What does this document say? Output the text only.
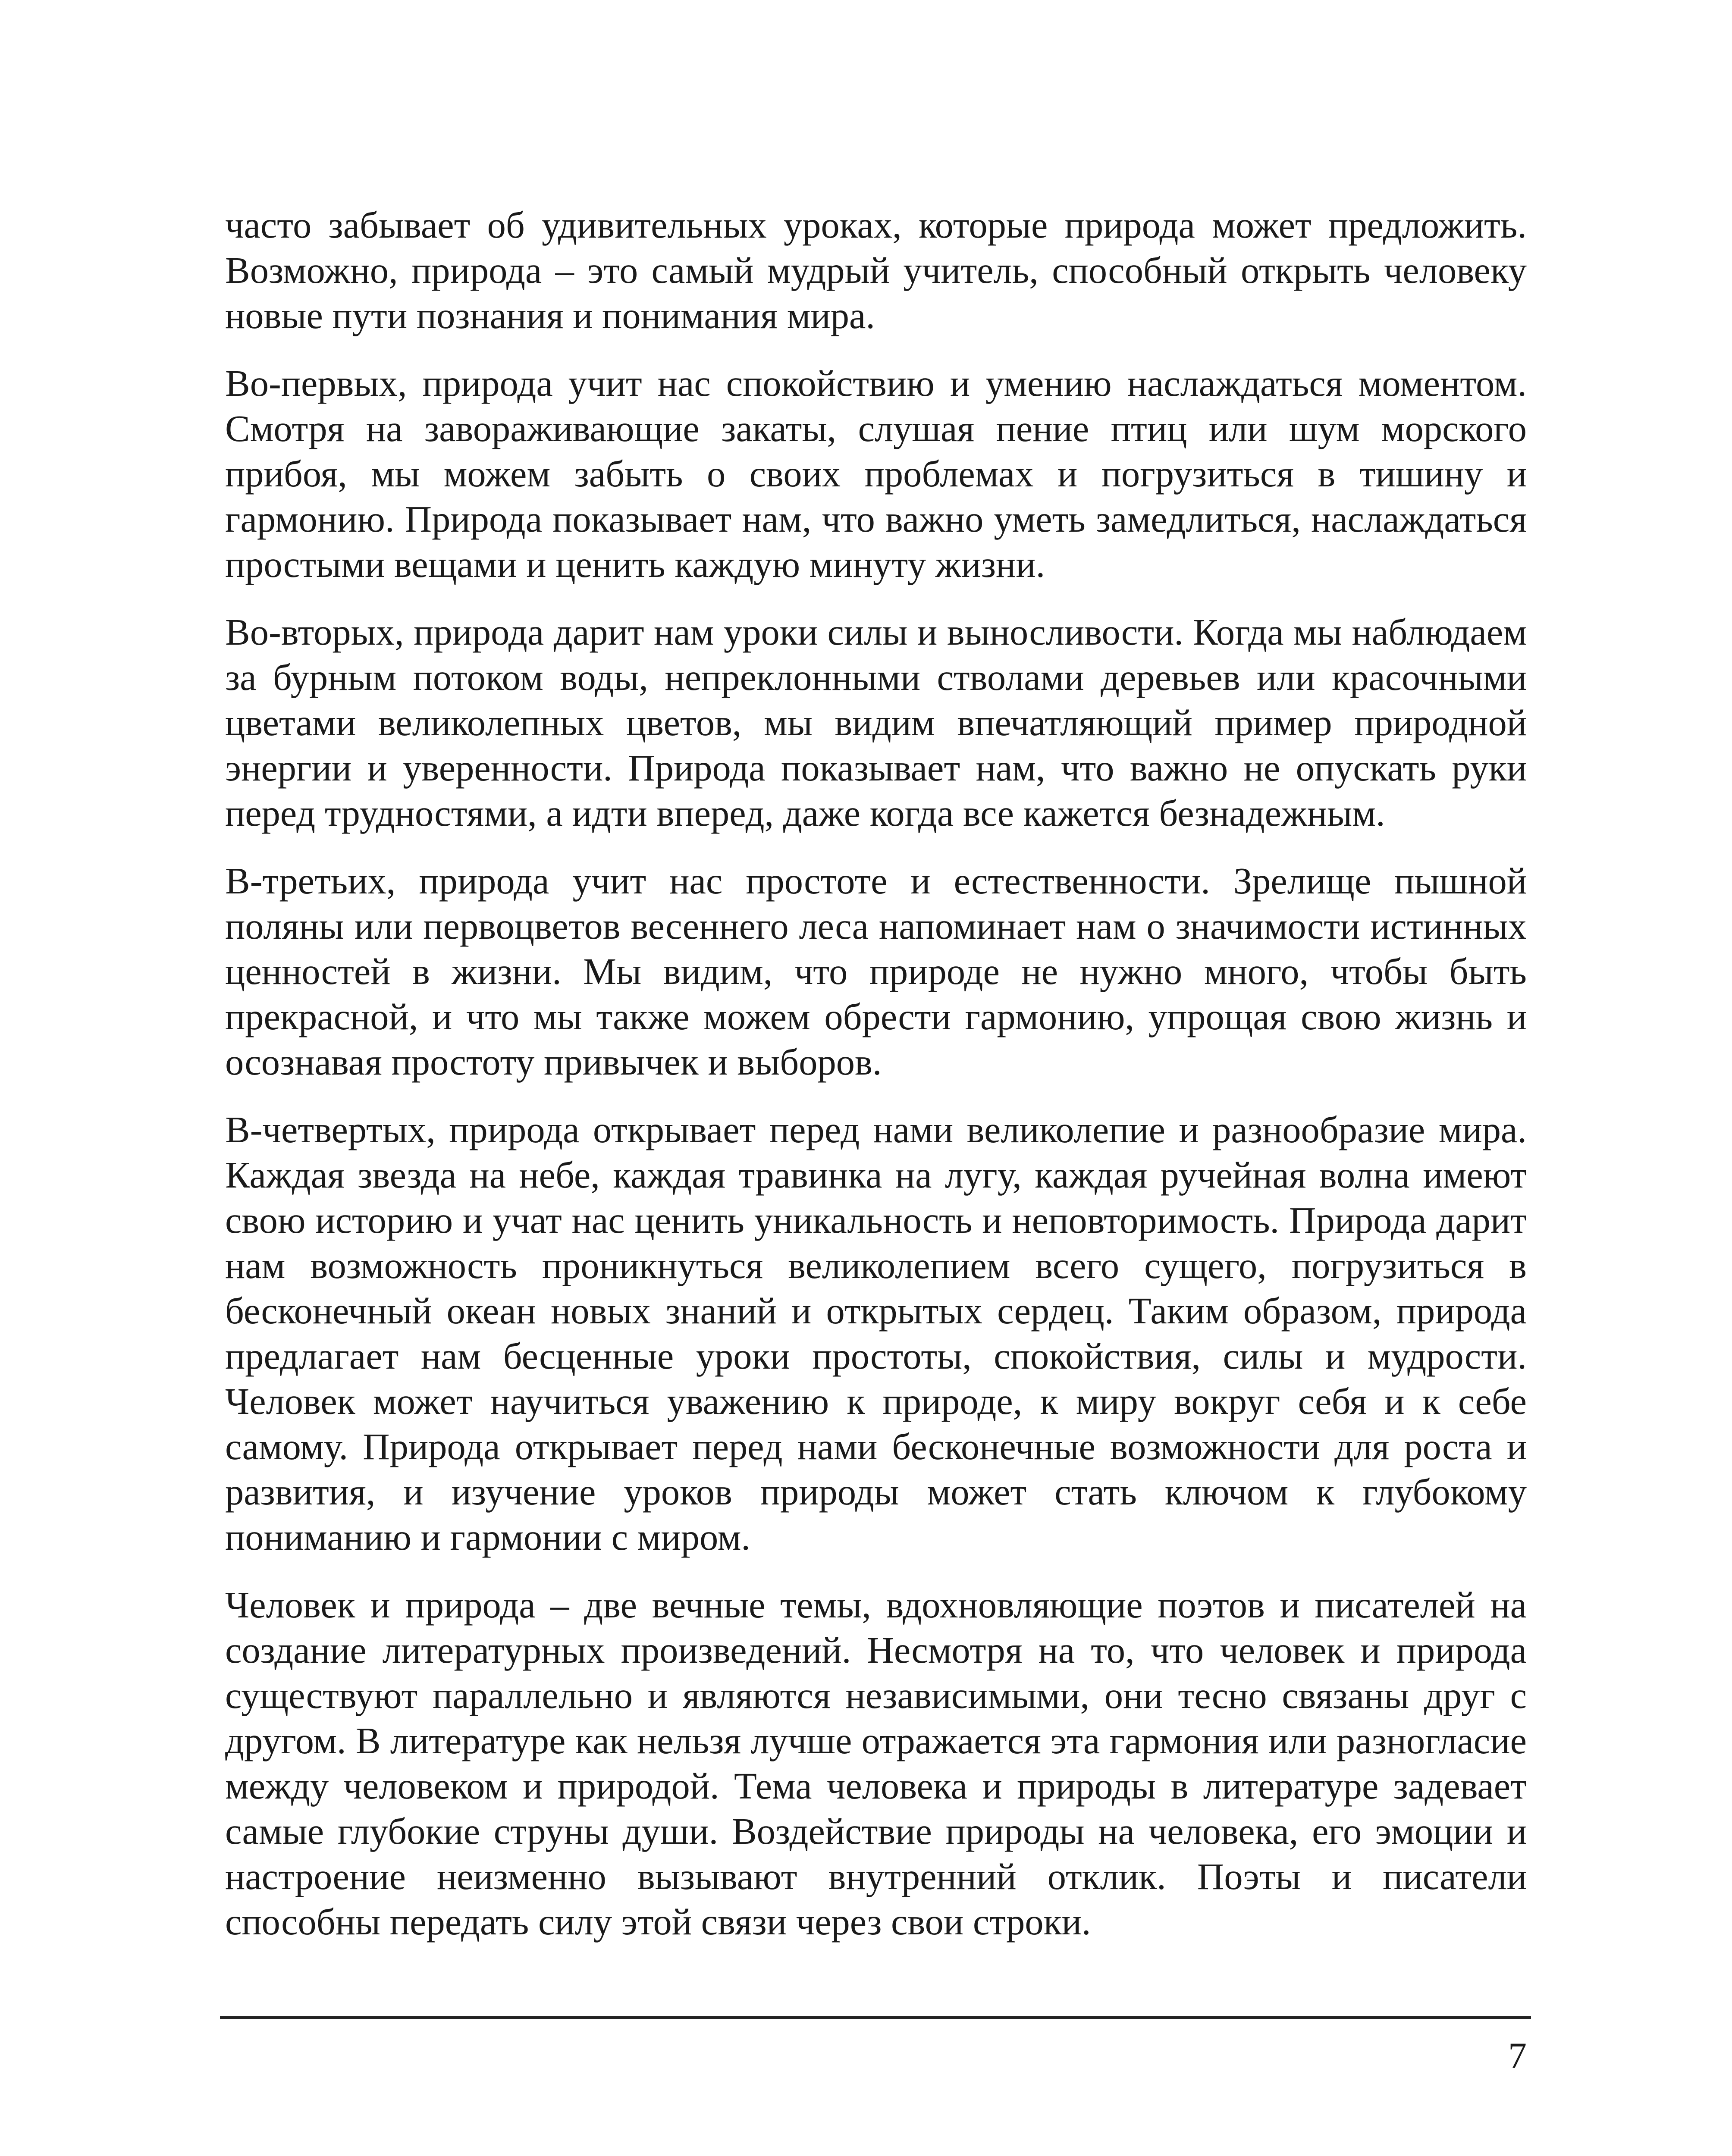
часто забывает об удивительных уроках, которые природа может предложить. Возможно, природа – это самый мудрый учитель, способный открыть человеку новые пути познания и понимания мира.

Во-первых, природа учит нас спокойствию и умению наслаждаться моментом. Смотря на завораживающие закаты, слушая пение птиц или шум морского прибоя, мы можем забыть о своих проблемах и погрузиться в тишину и гармонию. Природа показывает нам, что важно уметь замедлиться, наслаждаться простыми вещами и ценить каждую минуту жизни.

Во-вторых, природа дарит нам уроки силы и выносливости. Когда мы наблюдаем за бурным потоком воды, непреклонными стволами деревьев или красочными цветами великолепных цветов, мы видим впечатляющий пример природной энергии и уверенности. Природа показывает нам, что важно не опускать руки перед трудностями, а идти вперед, даже когда все кажется безнадежным.

В-третьих, природа учит нас простоте и естественности. Зрелище пышной поляны или первоцветов весеннего леса напоминает нам о значимости истинных ценностей в жизни. Мы видим, что природе не нужно много, чтобы быть прекрасной, и что мы также можем обрести гармонию, упрощая свою жизнь и осознавая простоту привычек и выборов.

В-четвертых, природа открывает перед нами великолепие и разнообразие мира. Каждая звезда на небе, каждая травинка на лугу, каждая ручейная волна имеют свою историю и учат нас ценить уникальность и неповторимость. Природа дарит нам возможность проникнуться великолепием всего сущего, погрузиться в бесконечный океан новых знаний и открытых сердец. Таким образом, природа предлагает нам бесценные уроки простоты, спокойствия, силы и мудрости. Человек может научиться уважению к природе, к миру вокруг себя и к себе самому. Природа открывает перед нами бесконечные возможности для роста и развития, и изучение уроков природы может стать ключом к глубокому пониманию и гармонии с миром.

Человек и природа – две вечные темы, вдохновляющие поэтов и писателей на создание литературных произведений. Несмотря на то, что человек и природа существуют параллельно и являются независимыми, они тесно связаны друг с другом. В литературе как нельзя лучше отражается эта гармония или разногласие между человеком и природой. Тема человека и природы в литературе задевает самые глубокие струны души. Воздействие природы на человека, его эмоции и настроение неизменно вызывают внутренний отклик. Поэты и писатели способны передать силу этой связи через свои строки.

7
